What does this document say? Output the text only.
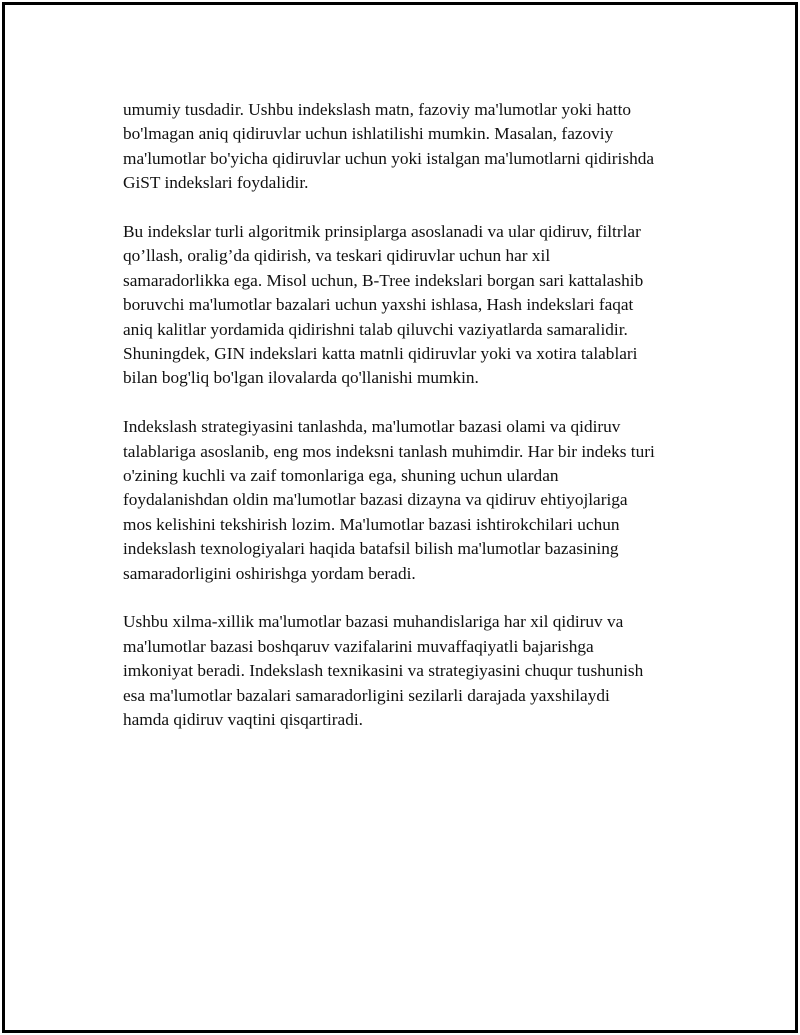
umumiy tusdadir. Ushbu indekslash matn, fazoviy ma'lumotlar yoki hatto
bo'lmagan aniq qidiruvlar uchun ishlatilishi mumkin. Masalan, fazoviy
ma'lumotlar bo'yicha qidiruvlar uchun yoki istalgan ma'lumotlarni qidirishda
GiST indekslari foydalidir.

Bu indekslar turli algoritmik prinsiplarga asoslanadi va ular qidiruv, filtrlar
qo’llash, oralig’da qidirish, va teskari qidiruvlar uchun har xil
samaradorlikka ega. Misol uchun, B-Tree indekslari borgan sari kattalashib
boruvchi ma'lumotlar bazalari uchun yaxshi ishlasa, Hash indekslari faqat
aniq kalitlar yordamida qidirishni talab qiluvchi vaziyatlarda samaralidir.
Shuningdek, GIN indekslari katta matnli qidiruvlar yoki va xotira talablari
bilan bog'liq bo'lgan ilovalarda qo'llanishi mumkin.

Indekslash strategiyasini tanlashda, ma'lumotlar bazasi olami va qidiruv
talablariga asoslanib, eng mos indeksni tanlash muhimdir. Har bir indeks turi
o'zining kuchli va zaif tomonlariga ega, shuning uchun ulardan
foydalanishdan oldin ma'lumotlar bazasi dizayna va qidiruv ehtiyojlariga
mos kelishini tekshirish lozim. Ma'lumotlar bazasi ishtirokchilari uchun
indekslash texnologiyalari haqida batafsil bilish ma'lumotlar bazasining
samaradorligini oshirishga yordam beradi.

Ushbu xilma-xillik ma'lumotlar bazasi muhandislariga har xil qidiruv va
ma'lumotlar bazasi boshqaruv vazifalarini muvaffaqiyatli bajarishga
imkoniyat beradi. Indekslash texnikasini va strategiyasini chuqur tushunish
esa ma'lumotlar bazalari samaradorligini sezilarli darajada yaxshilaydi
hamda qidiruv vaqtini qisqartiradi.
